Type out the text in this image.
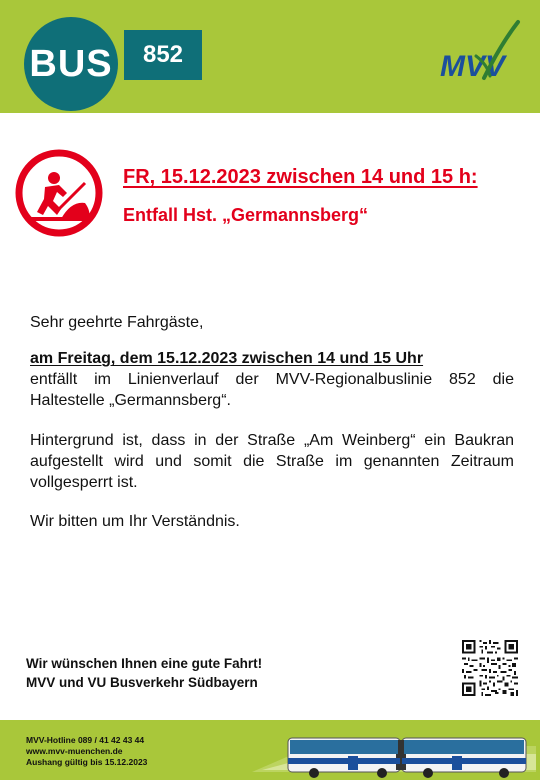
BUS	852	MVV
FR, 15.12.2023 zwischen 14 und 15 h:
Entfall Hst. „Germannsberg“
Sehr geehrte Fahrgäste,
am Freitag, dem 15.12.2023 zwischen 14 und 15 Uhr
entfällt im Linienverlauf der MVV-Regionalbuslinie 852 die Haltestelle „Germannsberg“.
Hintergrund ist, dass in der Straße „Am Weinberg“ ein Baukran aufgestellt wird und somit die Straße im genannten Zeitraum vollgesperrt ist.
Wir bitten um Ihr Verständnis.
Wir wünschen Ihnen eine gute Fahrt!
MVV und VU Busverkehr Südbayern
MVV-Hotline 089 / 41 42 43 44
www.mvv-muenchen.de
Aushang gültig bis 15.12.2023
